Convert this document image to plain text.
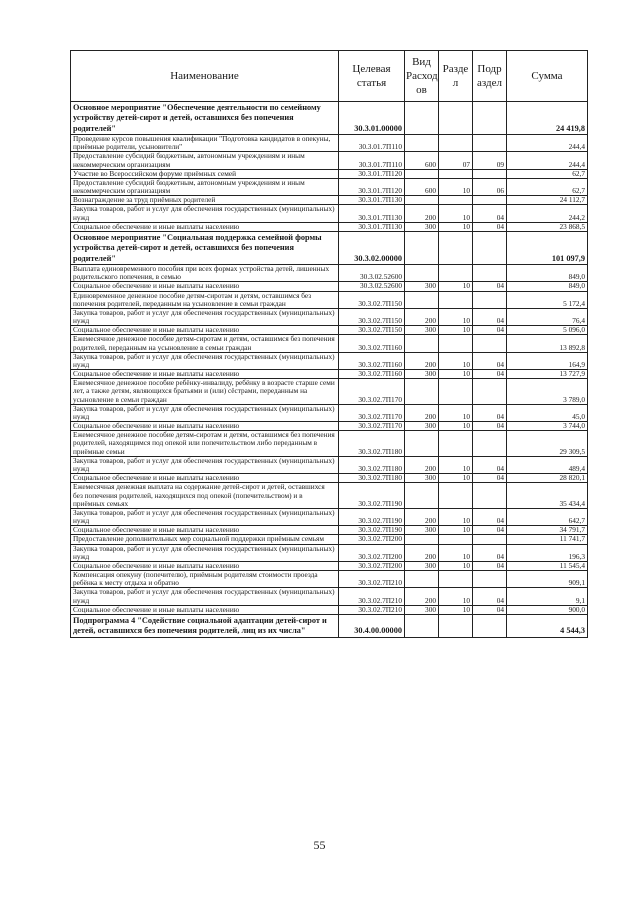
Наименование	Целевая статья	Вид Расход ов	Разде л	Подр аздел	Сумма
Основное мероприятие "Обеспечение деятельности по семейному устройству детей-сирот и детей, оставшихся без попечения родителей"	30.3.01.00000				24 419,8
Проведение курсов повышения квалификации "Подготовка кандидатов в опекуны, приёмные родители, усыновители"	30.3.01.7П110				244,4
Предоставление субсидий бюджетным, автономным учреждениям и иным некоммерческим организациям	30.3.01.7П110	600	07	09	244,4
Участие во Всероссийском форуме приёмных семей	30.3.01.7П120				62,7
Предоставление субсидий бюджетным, автономным учреждениям и иным некоммерческим организациям	30.3.01.7П120	600	10	06	62,7
Вознаграждение за труд приёмных родителей	30.3.01.7П130				24 112,7
Закупка товаров, работ и услуг для обеспечения государственных (муниципальных) нужд	30.3.01.7П130	200	10	04	244,2
Социальное обеспечение и иные выплаты населению	30.3.01.7П130	300	10	04	23 868,5
Основное мероприятие "Социальная поддержка семейной формы устройства детей-сирот и детей, оставшихся без попечения родителей"	30.3.02.00000				101 097,9
Выплата единовременного пособия при всех формах устройства детей, лишенных родительского попечения, в семью	30.3.02.52600				849,0
Социальное обеспечение и иные выплаты населению	30.3.02.52600	300	10	04	849,0
Единовременное денежное пособие детям-сиротам и детям, оставшимся без попечения родителей, переданным на усыновление в семьи граждан	30.3.02.7П150				5 172,4
Закупка товаров, работ и услуг для обеспечения государственных (муниципальных) нужд	30.3.02.7П150	200	10	04	76,4
Социальное обеспечение и иные выплаты населению	30.3.02.7П150	300	10	04	5 096,0
Ежемесячное денежное пособие детям-сиротам и детям, оставшимся без попечения родителей, переданным на усыновление в семьи граждан	30.3.02.7П160				13 892,8
Закупка товаров, работ и услуг для обеспечения государственных (муниципальных) нужд	30.3.02.7П160	200	10	04	164,9
Социальное обеспечение и иные выплаты населению	30.3.02.7П160	300	10	04	13 727,9
Ежемесячное денежное пособие ребёнку-инвалиду, ребёнку в возрасте старше семи лет, а также детям, являющихся братьями и (или) сёстрами, переданным на усыновление в семьи граждан	30.3.02.7П170				3 789,0
Закупка товаров, работ и услуг для обеспечения государственных (муниципальных) нужд	30.3.02.7П170	200	10	04	45,0
Социальное обеспечение и иные выплаты населению	30.3.02.7П170	300	10	04	3 744,0
Ежемесячное денежное пособие детям-сиротам и детям, оставшимся без попечения родителей, находящимся под опекой или попечительством либо переданным в приёмные семьи	30.3.02.7П180				29 309,5
Закупка товаров, работ и услуг для обеспечения государственных (муниципальных) нужд	30.3.02.7П180	200	10	04	489,4
Социальное обеспечение и иные выплаты населению	30.3.02.7П180	300	10	04	28 820,1
Ежемесячная денежная выплата на содержание детей-сирот и детей, оставшихся без попечения родителей, находящихся под опекой (попечительством) и в приёмных семьях	30.3.02.7П190				35 434,4
Закупка товаров, работ и услуг для обеспечения государственных (муниципальных) нужд	30.3.02.7П190	200	10	04	642,7
Социальное обеспечение и иные выплаты населению	30.3.02.7П190	300	10	04	34 791,7
Предоставление дополнительных мер социальной поддержки приёмным семьям	30.3.02.7П200				11 741,7
Закупка товаров, работ и услуг для обеспечения государственных (муниципальных) нужд	30.3.02.7П200	200	10	04	196,3
Социальное обеспечение и иные выплаты населению	30.3.02.7П200	300	10	04	11 545,4
Компенсация опекуну (попечителю), приёмным родителям стоимости проезда ребёнка к месту отдыха и обратно	30.3.02.7П210				909,1
Закупка товаров, работ и услуг для обеспечения государственных (муниципальных) нужд	30.3.02.7П210	200	10	04	9,1
Социальное обеспечение и иные выплаты населению	30.3.02.7П210	300	10	04	900,0
Подпрограмма 4 "Содействие социальной адаптации детей-сирот и детей, оставшихся без попечения родителей, лиц из их числа"	30.4.00.00000				4 544,3
55
